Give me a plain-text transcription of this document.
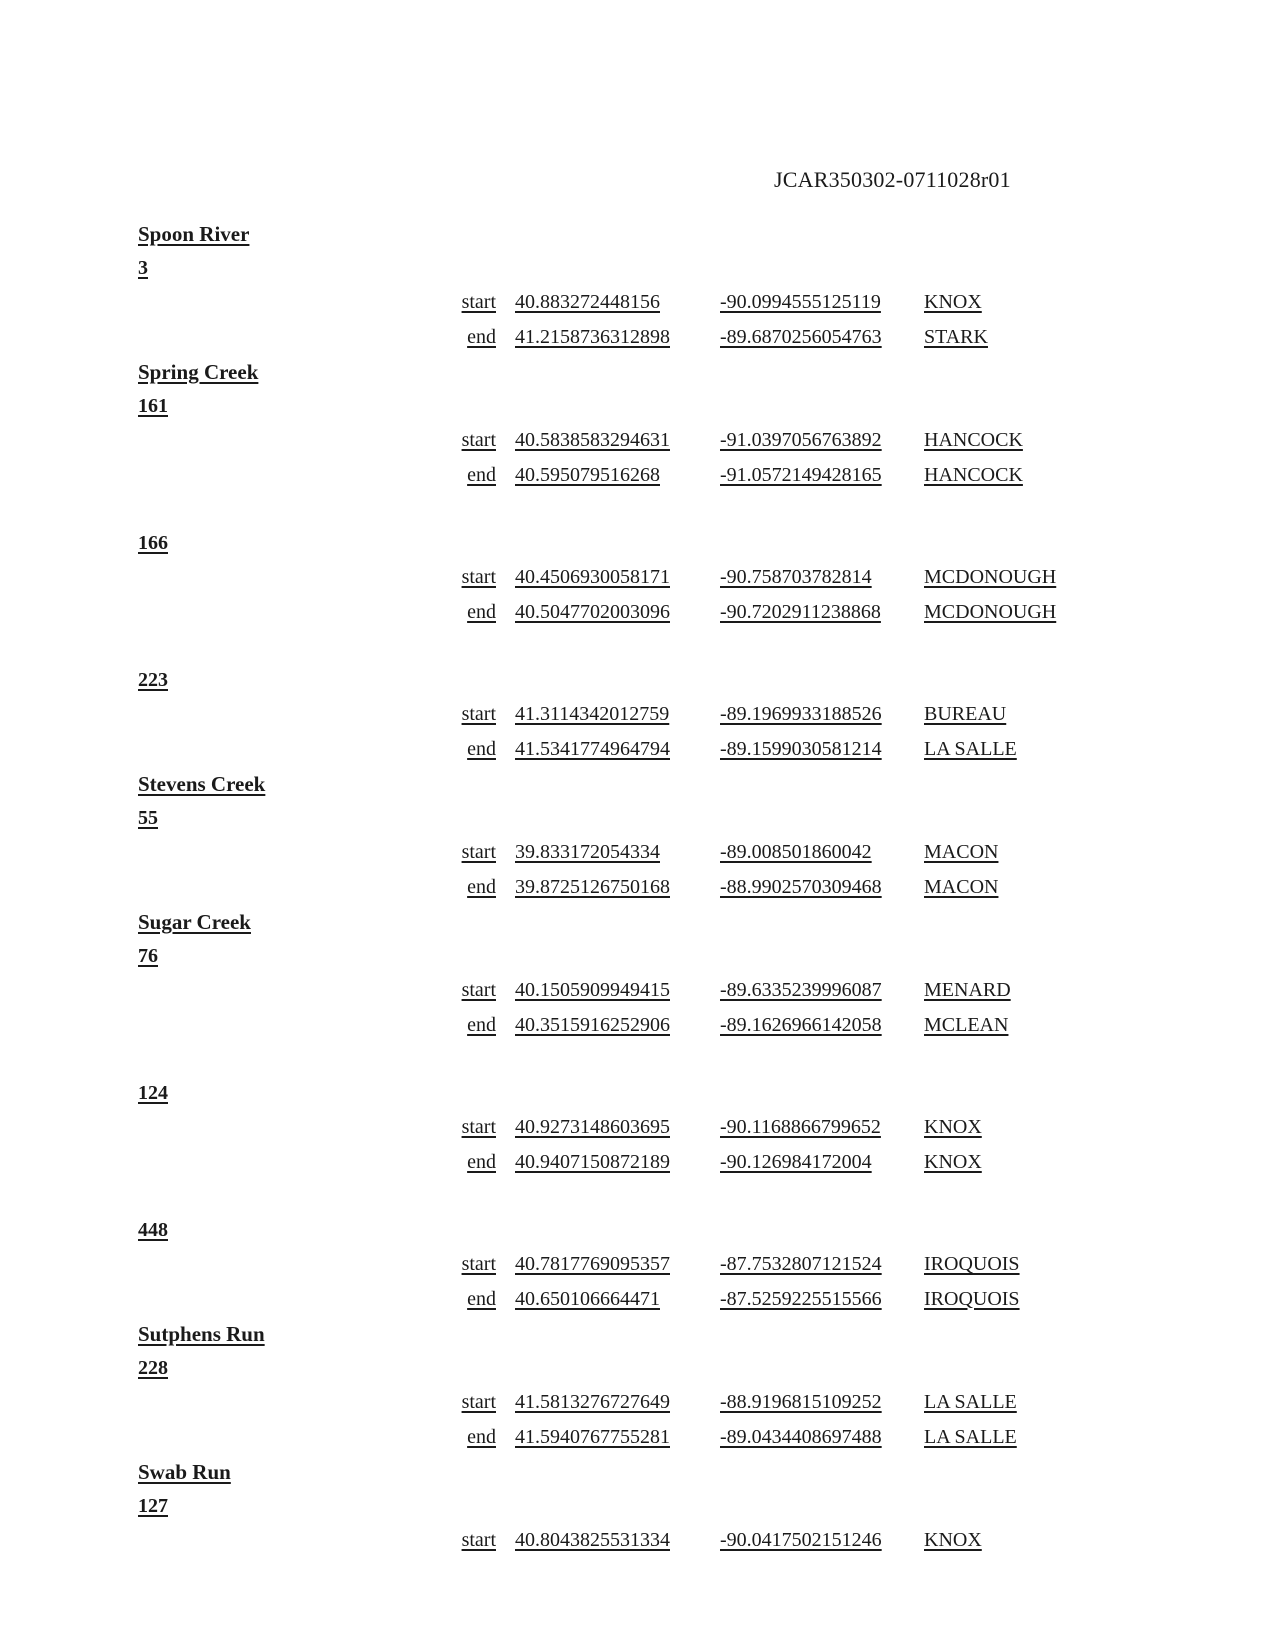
JCAR350302-0711028r01
Spoon River
3
start 40.883272448156	-90.0994555125119 KNOX
end 41.2158736312898	-89.6870256054763 STARK
Spring Creek
161
start 40.5838583294631	-91.0397056763892 HANCOCK
end 40.595079516268	-91.0572149428165 HANCOCK
166
start 40.4506930058171	-90.758703782814	MCDONOUGH
end 40.5047702003096	-90.7202911238868 MCDONOUGH
223
start 41.3114342012759	-89.1969933188526 BUREAU
end 41.5341774964794	-89.1599030581214 LA SALLE
Stevens Creek
55
start 39.833172054334	-89.008501860042	MACON
end 39.8725126750168	-88.9902570309468 MACON
Sugar Creek
76
start 40.1505909949415	-89.6335239996087 MENARD
end 40.3515916252906	-89.1626966142058 MCLEAN
124
start 40.9273148603695	-90.1168866799652 KNOX
end 40.9407150872189	-90.126984172004	KNOX
448
start 40.7817769095357	-87.7532807121524 IROQUOIS
end 40.650106664471	-87.5259225515566 IROQUOIS
Sutphens Run
228
start 41.5813276727649	-88.9196815109252 LA SALLE
end 41.5940767755281	-89.0434408697488 LA SALLE
Swab Run
127
start 40.8043825531334	-90.0417502151246 KNOX
